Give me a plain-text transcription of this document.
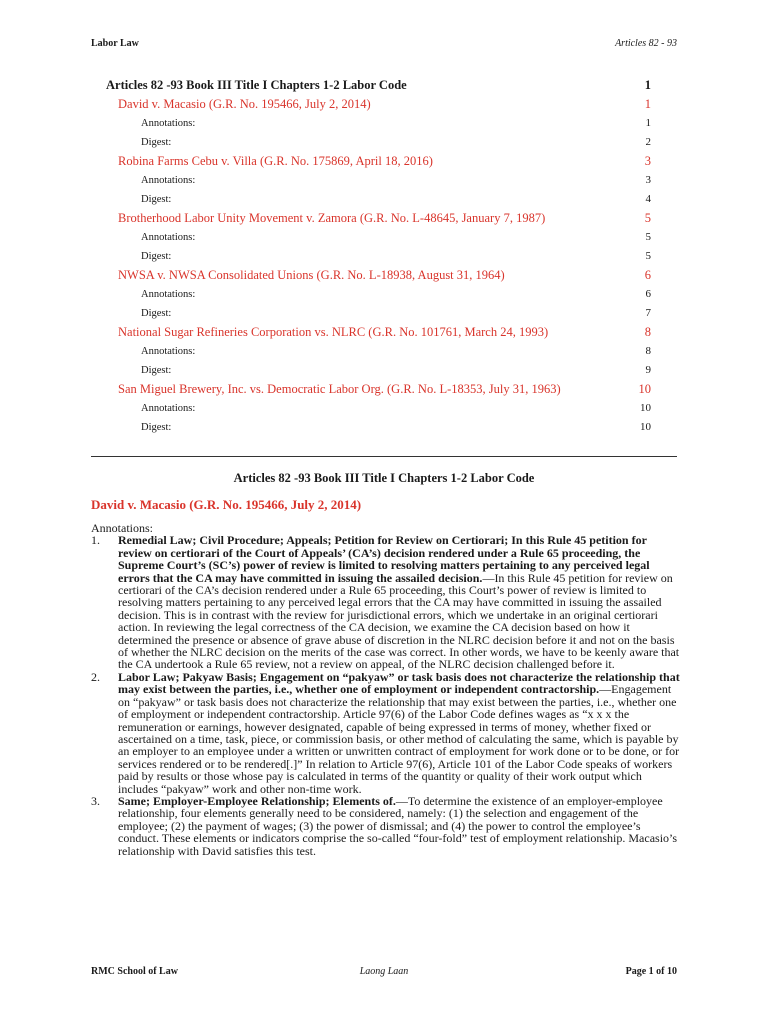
Labor Law	Articles 82 - 93
Articles 82 -93 Book III Title I Chapters 1-2 Labor Code	1
David v. Macasio (G.R. No. 195466, July 2, 2014)	1
Annotations:	1
Digest:	2
Robina Farms Cebu v. Villa (G.R. No. 175869, April 18, 2016)	3
Annotations:	3
Digest:	4
Brotherhood Labor Unity Movement v. Zamora (G.R. No. L-48645, January 7, 1987)	5
Annotations:	5
Digest:	5
NWSA v. NWSA Consolidated Unions (G.R. No. L-18938, August 31, 1964)	6
Annotations:	6
Digest:	7
National Sugar Refineries Corporation vs. NLRC (G.R. No. 101761, March 24, 1993)	8
Annotations:	8
Digest:	9
San Miguel Brewery, Inc. vs. Democratic Labor Org. (G.R. No. L-18353, July 31, 1963)	10
Annotations:	10
Digest:	10
Articles 82 -93 Book III Title I Chapters 1-2 Labor Code
David v. Macasio (G.R. No. 195466, July 2, 2014)
Annotations:
1. Remedial Law; Civil Procedure; Appeals; Petition for Review on Certiorari; In this Rule 45 petition for review on certiorari of the Court of Appeals’ (CA’s) decision rendered under a Rule 65 proceeding, the Supreme Court’s (SC’s) power of review is limited to resolving matters pertaining to any perceived legal errors that the CA may have committed in issuing the assailed decision.—In this Rule 45 petition for review on certiorari of the CA’s decision rendered under a Rule 65 proceeding, this Court’s power of review is limited to resolving matters pertaining to any perceived legal errors that the CA may have committed in issuing the assailed decision. This is in contrast with the review for jurisdictional errors, which we undertake in an original certiorari action. In reviewing the legal correctness of the CA decision, we examine the CA decision based on how it determined the presence or absence of grave abuse of discretion in the NLRC decision before it and not on the basis of whether the NLRC decision on the merits of the case was correct. In other words, we have to be keenly aware that the CA undertook a Rule 65 review, not a review on appeal, of the NLRC decision challenged before it.
2. Labor Law; Pakyaw Basis; Engagement on “pakyaw” or task basis does not characterize the relationship that may exist between the parties, i.e., whether one of employment or independent contractorship.—Engagement on “pakyaw” or task basis does not characterize the relationship that may exist between the parties, i.e., whether one of employment or independent contractorship. Article 97(6) of the Labor Code defines wages as “x x x the remuneration or earnings, however designated, capable of being expressed in terms of money, whether fixed or ascertained on a time, task, piece, or commission basis, or other method of calculating the same, which is payable by an employer to an employee under a written or unwritten contract of employment for work done or to be done, or for services rendered or to be rendered[.]” In relation to Article 97(6), Article 101 of the Labor Code speaks of workers paid by results or those whose pay is calculated in terms of the quantity or quality of their work output which includes “pakyaw” work and other non-time work.
3. Same; Employer-Employee Relationship; Elements of.—To determine the existence of an employer-employee relationship, four elements generally need to be considered, namely: (1) the selection and engagement of the employee; (2) the payment of wages; (3) the power of dismissal; and (4) the power to control the employee’s conduct. These elements or indicators comprise the so-called “four-fold” test of employment relationship. Macasio’s relationship with David satisfies this test.
RMC School of Law	Laong Laan	Page 1 of 10
